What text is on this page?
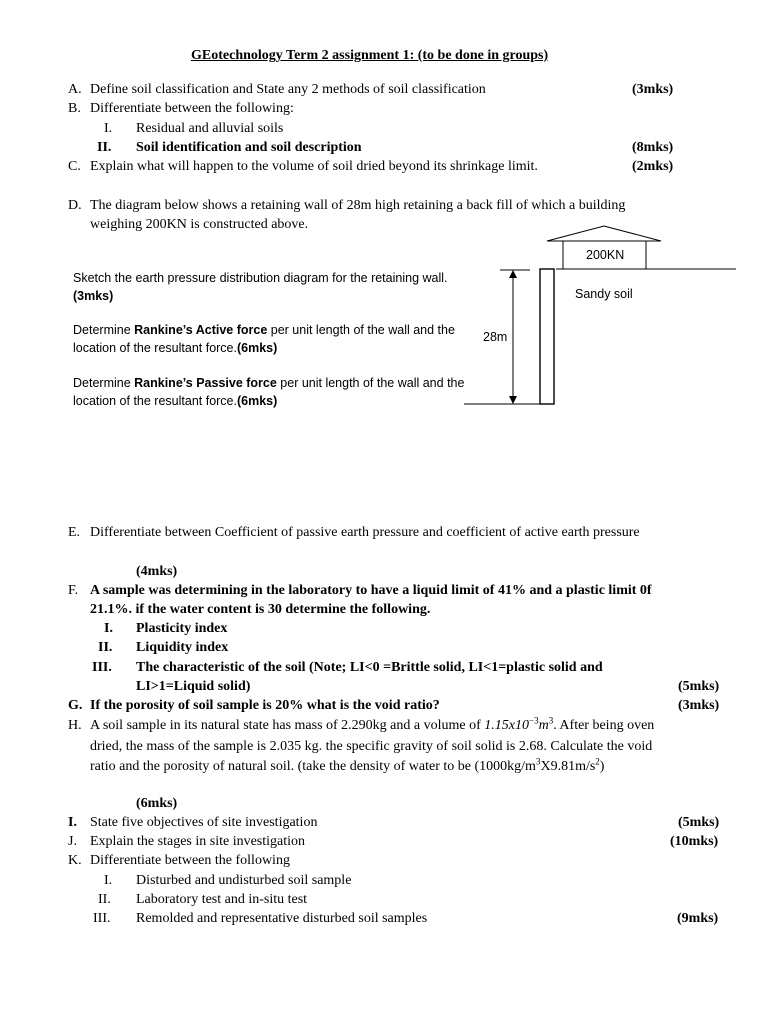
GEotechnology Term 2 assignment 1: (to be done in groups)
A. Define soil classification and State any 2 methods of soil classification	(3mks)
B. Differentiate between the following:
I. Residual and alluvial soils
II. Soil identification and soil description	(8mks)
C. Explain what will happen to the volume of soil dried beyond its shrinkage limit.	(2mks)
D. The diagram below shows a retaining wall of 28m high retaining a back fill of which a building
weighing 200KN is constructed above.
Sketch the earth pressure distribution diagram for the retaining wall.
(3mks)
Determine Rankine’s Active force per unit length of the wall and the
location of the resultant force.(6mks)
Determine Rankine’s Passive force per unit length of the wall and the
location of the resultant force.(6mks)
200KN
Sandy soil
28m
E. Differentiate between Coefficient of passive earth pressure and coefficient of active earth pressure
(4mks)
F. A sample was determining in the laboratory to have a liquid limit of 41% and a plastic limit 0f
21.1%. if the water content is 30 determine the following.
I. Plasticity index
II. Liquidity index
III. The characteristic of the soil (Note; LI<0 =Brittle solid, LI<1=plastic solid and
LI>1=Liquid solid)	(5mks)
G. If the porosity of soil sample is 20% what is the void ratio?	(3mks)
H. A soil sample in its natural state has mass of 2.290kg and a volume of $1.15x10^{-3}m^3$. After being oven
dried, the mass of the sample is 2.035 kg. the specific gravity of soil solid is 2.68. Calculate the void
ratio and the porosity of natural soil. (take the density of water to be $(1000kg/m^3X9.81m/s^2)$
(6mks)
I. State five objectives of site investigation	(5mks)
J. Explain the stages in site investigation	(10mks)
K. Differentiate between the following
I. Disturbed and undisturbed soil sample
II. Laboratory test and in-situ test
III. Remolded and representative disturbed soil samples	(9mks)
